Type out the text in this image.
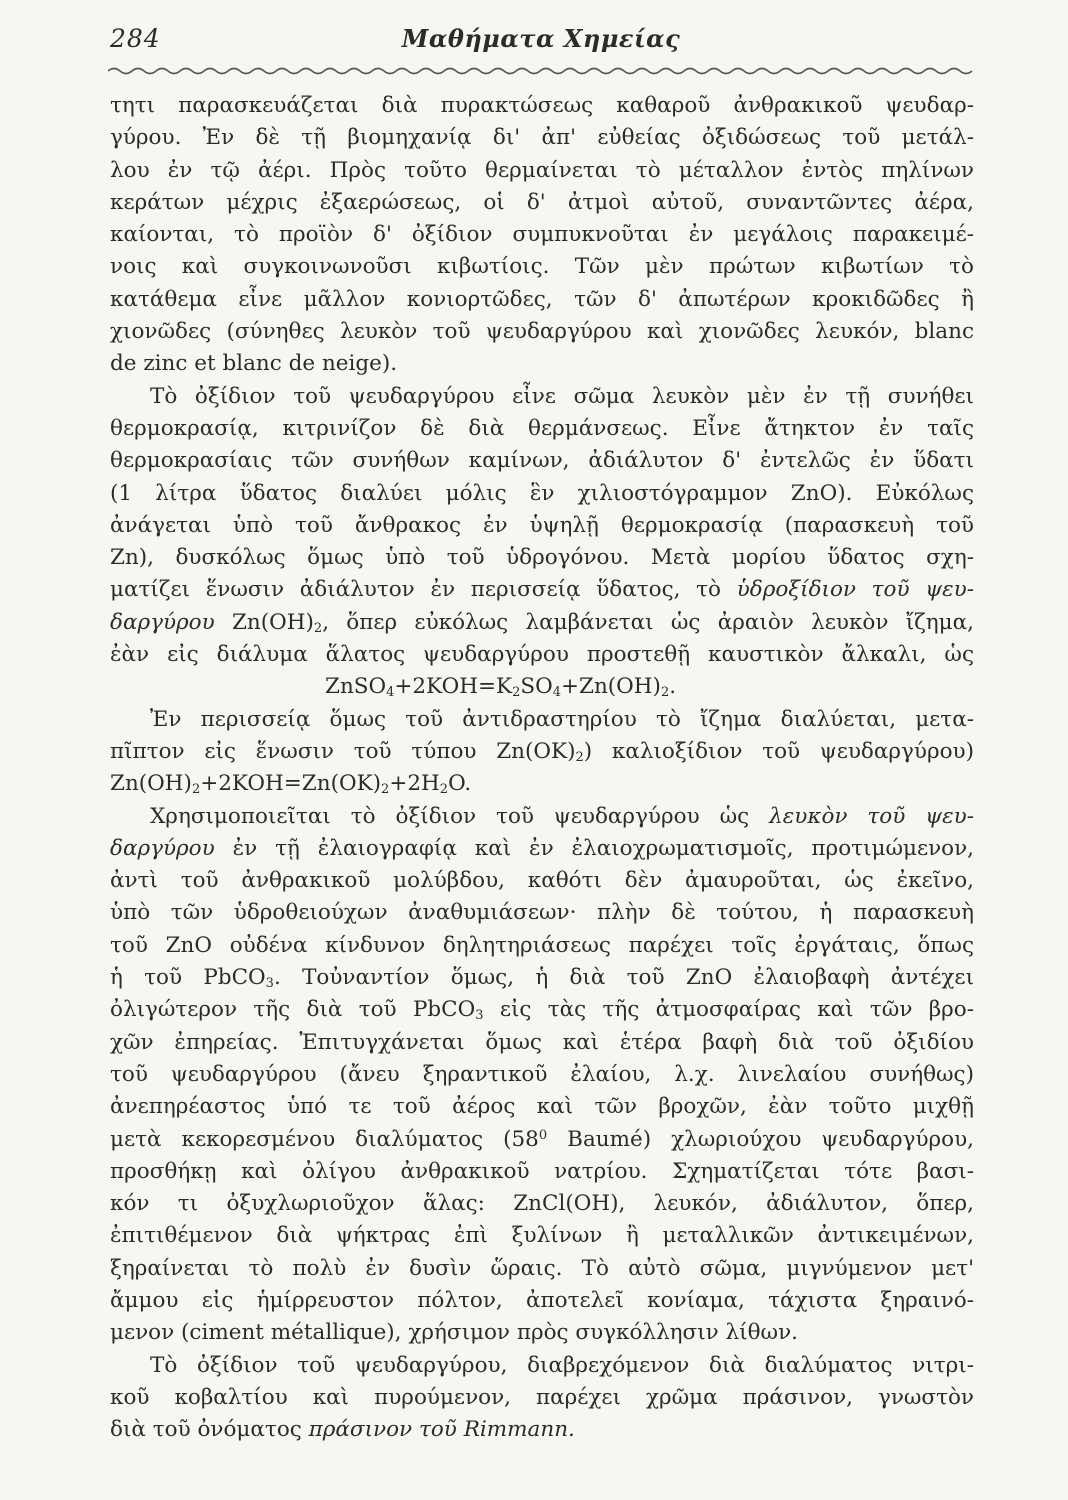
284	Μαθήματα Χημείας
τητι παρασκευάζεται διὰ πυρακτώσεως καθαροῦ ἀνθρακικοῦ ψευδαρ-
γύρου. Ἐν δὲ τῇ βιομηχανίᾳ δι' ἀπ' εὐθείας ὀξιδώσεως τοῦ μετάλ-
λου ἐν τῷ ἀέρι. Πρὸς τοῦτο θερμαίνεται τὸ μέταλλον ἐντὸς πηλίνων
κεράτων μέχρις ἐξαερώσεως, οἱ δ' ἀτμοὶ αὐτοῦ, συναντῶντες ἀέρα,
καίονται, τὸ προϊὸν δ' ὀξίδιον συμπυκνοῦται ἐν μεγάλοις παρακειμέ-
νοις καὶ συγκοινωνοῦσι κιβωτίοις. Τῶν μὲν πρώτων κιβωτίων τὸ
κατάθεμα εἶνε μᾶλλον κονιορτῶδες, τῶν δ' ἀπωτέρων κροκιδῶδες ἢ
χιονῶδες (σύνηθες λευκὸν τοῦ ψευδαργύρου καὶ χιονῶδες λευκόν, blanc
de zinc et blanc de neige).
Τὸ ὀξίδιον τοῦ ψευδαργύρου εἶνε σῶμα λευκὸν μὲν ἐν τῇ συνήθει
θερμοκρασίᾳ, κιτρινίζον δὲ διὰ θερμάνσεως. Εἶνε ἄτηκτον ἐν ταῖς
θερμοκρασίαις τῶν συνήθων καμίνων, ἀδιάλυτον δ' ἐντελῶς ἐν ὕδατι
(1 λίτρα ὕδατος διαλύει μόλις ἓν χιλιοστόγραμμον ZnO). Εὐκόλως
ἀνάγεται ὑπὸ τοῦ ἄνθρακος ἐν ὑψηλῇ θερμοκρασίᾳ (παρασκευὴ τοῦ
Zn), δυσκόλως ὅμως ὑπὸ τοῦ ὑδρογόνου. Μετὰ μορίου ὕδατος σχη-
ματίζει ἕνωσιν ἀδιάλυτον ἐν περισσείᾳ ὕδατος, τὸ ὑδροξίδιον τοῦ ψευ-
δαργύρου $Zn(OH)_2$, ὅπερ εὐκόλως λαμβάνεται ὡς ἀραιὸν λευκὸν ἴζημα,
ἐὰν εἰς διάλυμα ἅλατος ψευδαργύρου προστεθῇ καυστικὸν ἄλκαλι, ὡς
$ZnSO_4+2KOH=K_2SO_4+Zn(OH)_2$.
Ἐν περισσείᾳ ὅμως τοῦ ἀντιδραστηρίου τὸ ἴζημα διαλύεται, μετα-
πῖπτον εἰς ἕνωσιν τοῦ τύπου $Zn(OK)_2$) καλιοξίδιον τοῦ ψευδαργύρου)
$Zn(OH)_2+2KOH=Zn(OK)_2+2H_2O$.
Χρησιμοποιεῖται τὸ ὀξίδιον τοῦ ψευδαργύρου ὡς λευκὸν τοῦ ψευ-
δαργύρου ἐν τῇ ἐλαιογραφίᾳ καὶ ἐν ἐλαιοχρωματισμοῖς, προτιμώμενον,
ἀντὶ τοῦ ἀνθρακικοῦ μολύβδου, καθότι δὲν ἀμαυροῦται, ὡς ἐκεῖνο,
ὑπὸ τῶν ὑδροθειούχων ἀναθυμιάσεων· πλὴν δὲ τούτου, ἡ παρασκευὴ
τοῦ ZnO οὐδένα κίνδυνον δηλητηριάσεως παρέχει τοῖς ἐργάταις, ὅπως
ἡ τοῦ PbCO$_3$. Τοὐναντίον ὅμως, ἡ διὰ τοῦ ZnO ἐλαιοβαφὴ ἀντέχει
ὀλιγώτερον τῆς διὰ τοῦ PbCO$_3$ εἰς τὰς τῆς ἀτμοσφαίρας καὶ τῶν βρο-
χῶν ἐπηρείας. Ἐπιτυγχάνεται ὅμως καὶ ἑτέρα βαφὴ διὰ τοῦ ὀξιδίου
τοῦ ψευδαργύρου (ἄνευ ξηραντικοῦ ἐλαίου, λ.χ. λινελαίου συνήθως)
ἀνεπηρέαστος ὑπό τε τοῦ ἀέρος καὶ τῶν βροχῶν, ἐὰν τοῦτο μιχθῇ
μετὰ κεκορεσμένου διαλύματος ($58^0$ Baumé) χλωριούχου ψευδαργύρου,
προσθήκῃ καὶ ὀλίγου ἀνθρακικοῦ νατρίου. Σχηματίζεται τότε βασι-
κόν τι ὀξυχλωριοῦχον ἅλας: ZnCl(OH), λευκόν, ἀδιάλυτον, ὅπερ,
ἐπιτιθέμενον διὰ ψήκτρας ἐπὶ ξυλίνων ἢ μεταλλικῶν ἀντικειμένων,
ξηραίνεται τὸ πολὺ ἐν δυσὶν ὥραις. Τὸ αὐτὸ σῶμα, μιγνύμενον μετ'
ἄμμου εἰς ἡμίρρευστον πόλτον, ἀποτελεῖ κονίαμα, τάχιστα ξηραινό-
μενον (ciment métallique), χρήσιμον πρὸς συγκόλλησιν λίθων.
Τὸ ὀξίδιον τοῦ ψευδαργύρου, διαβρεχόμενον διὰ διαλύματος νιτρι-
κοῦ κοβαλτίου καὶ πυρούμενον, παρέχει χρῶμα πράσινον, γνωστὸν
διὰ τοῦ ὀνόματος πράσινον τοῦ Rimmann.
